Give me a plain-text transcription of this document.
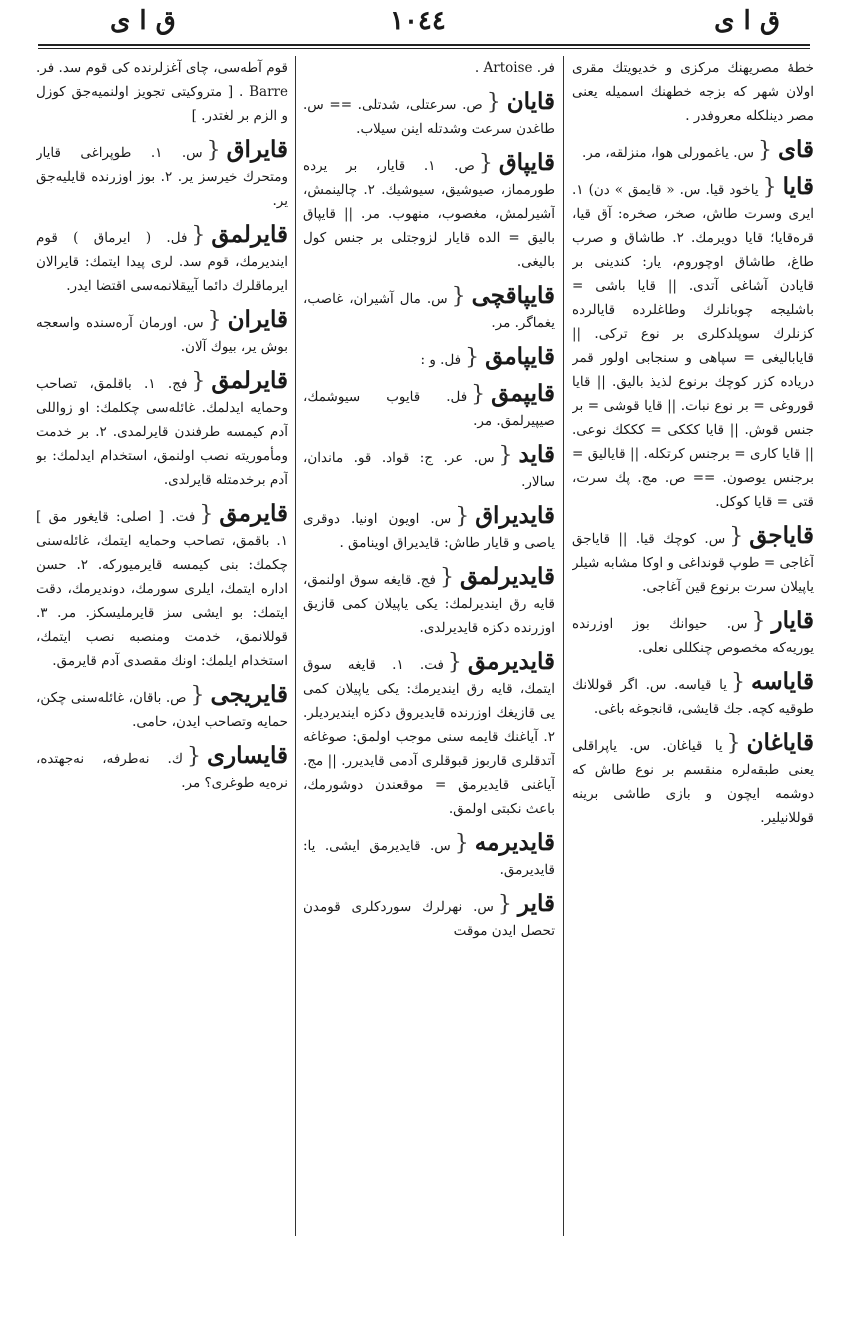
ق ا ى	١٠٤٤	ق ا ى

خطهٔ مصریهنك مركزى و خدیویتك مقرى اولان شهر كه بزجه خطهنك اسمیله یعنی مصر دینلكله معروفدر .

قاى{س. یاغمورلى هوا، منزلقه، مر.

قایا{یاخود قیا. س. « قایمق » دن) ١. ایرى وسرت طاش، صخر، صخره: آق قیا، قره‌قایا؛ قایا دویرمك. ٢. طاشاق و صرب طاغ، طاشاق اوچوروم، یار: كندینى بر قایادن آشاغى آتدى. || قایا باشى = باشلیجه چوبانلرك وطاغلرده قایالرده كزنلرك سوپلدكلرى بر نوع تركى. || قایابالیغى = سپاهى و سنجابى اولور قمر دریاده كزر كوچك برنوع لذیذ بالیق. || قایا قوروغى = بر نوع نبات. || قایا قوشى = بر جنس قوش. || قایا كككى = كككك نوعى. || قایا كارى = برجنس كرتكله. || قایالیق = برجنس یوصون. == ص. مج. پك سرت، قتى = قایا كوكل.

قایاجق{س. كوچك قیا. || قایاجق آغاجى = طوپ قونداغى و اوكا مشابه شیلر یاپیلان سرت برنوع قین آغاجى.

قایار{س. حیوانك بوز اوزرنده یوریه‌كه مخصوص چنكللى نعلى.

قایاسه{یا قیاسه. س. اگر قوللانك طوقیه كچه. جك قایشى، قانجوغه باغى.

قایاغان{یا قیاغان. س. یاپراقلى یعنى طبقه‌لره منقسم بر نوع طاش كه دوشمه ایچون و بازى طاشى برینه قوللانیلیر.

فر. Artoise .

قایان{ص. سرعتلى، شدتلى. == س. طاغدن سرعت وشدتله اینن سیلاب.

قایپاق{ص. ١. قایار، بر یرده طورمماز، صیوشیق، سیوشیك. ٢. چالینمش، آشیرلمش، مغصوب، منهوب. مر. || قایپاق بالیق = الده قایار لزوجتلى بر جنس كول بالیغى.

قایپاقچى{س. مال آشیران، غاصب، یغماگر. مر.

قایپامق{فل. و :

قایپمق{فل. قایوب سیوشمك، صیپیرلمق. مر.

قاید{س. عر. ج: قواد. قو. ماندان، سالار.

قایدیراق{س. اویون اونیا. دوقرى یاصى و قایار طاش: قایدیراق اوینامق .

قایدیرلمق{فج. قایغه سوق اولنمق، قایه رق ایندیرلمك: یكى یاپیلان كمى قازیق اوزرنده دكزه قایدیرلدى.

قایدیرمق{فت. ١. قایغه سوق ایتمك، قایه رق ایندیرمك: یكى یاپیلان كمى یى قازیغك اوزرنده قایدیروق دكزه ایندیردیلر. ٢. آیاغنك قایمه سنى موجب اولمق: صوغاغه آتدقلرى قاربوز قبوقلرى آدمى قایدیرر. || مج. آیاغنى قایدیرمق = موقعندن دوشورمك، باعث نكبتى اولمق.

قایدیرمه{س. قایدیرمق ایشى. یا: قایدیرمق.

قایر{س. نهرلرك سوردكلرى قومدن تحصل ایدن موقت

قوم آطه‌سى، چاى آغزلرنده كى قوم سد. فر. Barre . [ متروكيتى تجویز اولنمیه‌جق كوزل و الزم بر لغتدر. ]

قایراق{س. ١. طوپراغى قایار ومتحرك خیرسز یر. ٢. بوز اوزرنده قایلیه‌جق یر.

قایرلمق{فل. ( ایرماق ) قوم ایندیرمك، قوم سد. لرى پیدا ایتمك: قایرالان ایرماقلرك دائما آییقلانمه‌سى اقتضا ایدر.

قایران{س. اورمان آره‌سنده واسعجه بوش یر، بیوك آلان.

قایرلمق{فج. ١. باقلمق، تصاحب وحمایه ایدلمك. غائله‌سى چكلمك: او زواللى آدم كیمسه طرفندن قایرلمدى. ٢. بر خدمت ومأموریته نصب اولنمق، استخدام ایدلمك: بو آدم برخدمتله قایرلدى.

قایرمق{فت. [ اصلى: قایغور مق ] ١. باقمق، تصاحب وحمایه ایتمك، غائله‌سنى چكمك: بنى كیمسه قایرمیوركه. ٢. حسن اداره ایتمك، ایلرى سورمك، دوندیرمك، دقت ایتمك: بو ایشى سز قایرملیسكز. مر. ٣. قوللانمق، خدمت ومنصبه نصب ایتمك، استخدام ایلمك: اونك مقصدى آدم قایرمق.

قایریجى{ص. باقان، غائله‌سنى چكن، حمایه وتصاحب ایدن، حامى.

قایسارى{ك. نه‌طرفه، نه‌جهتده، نره‌یه طوغرى؟ مر.
